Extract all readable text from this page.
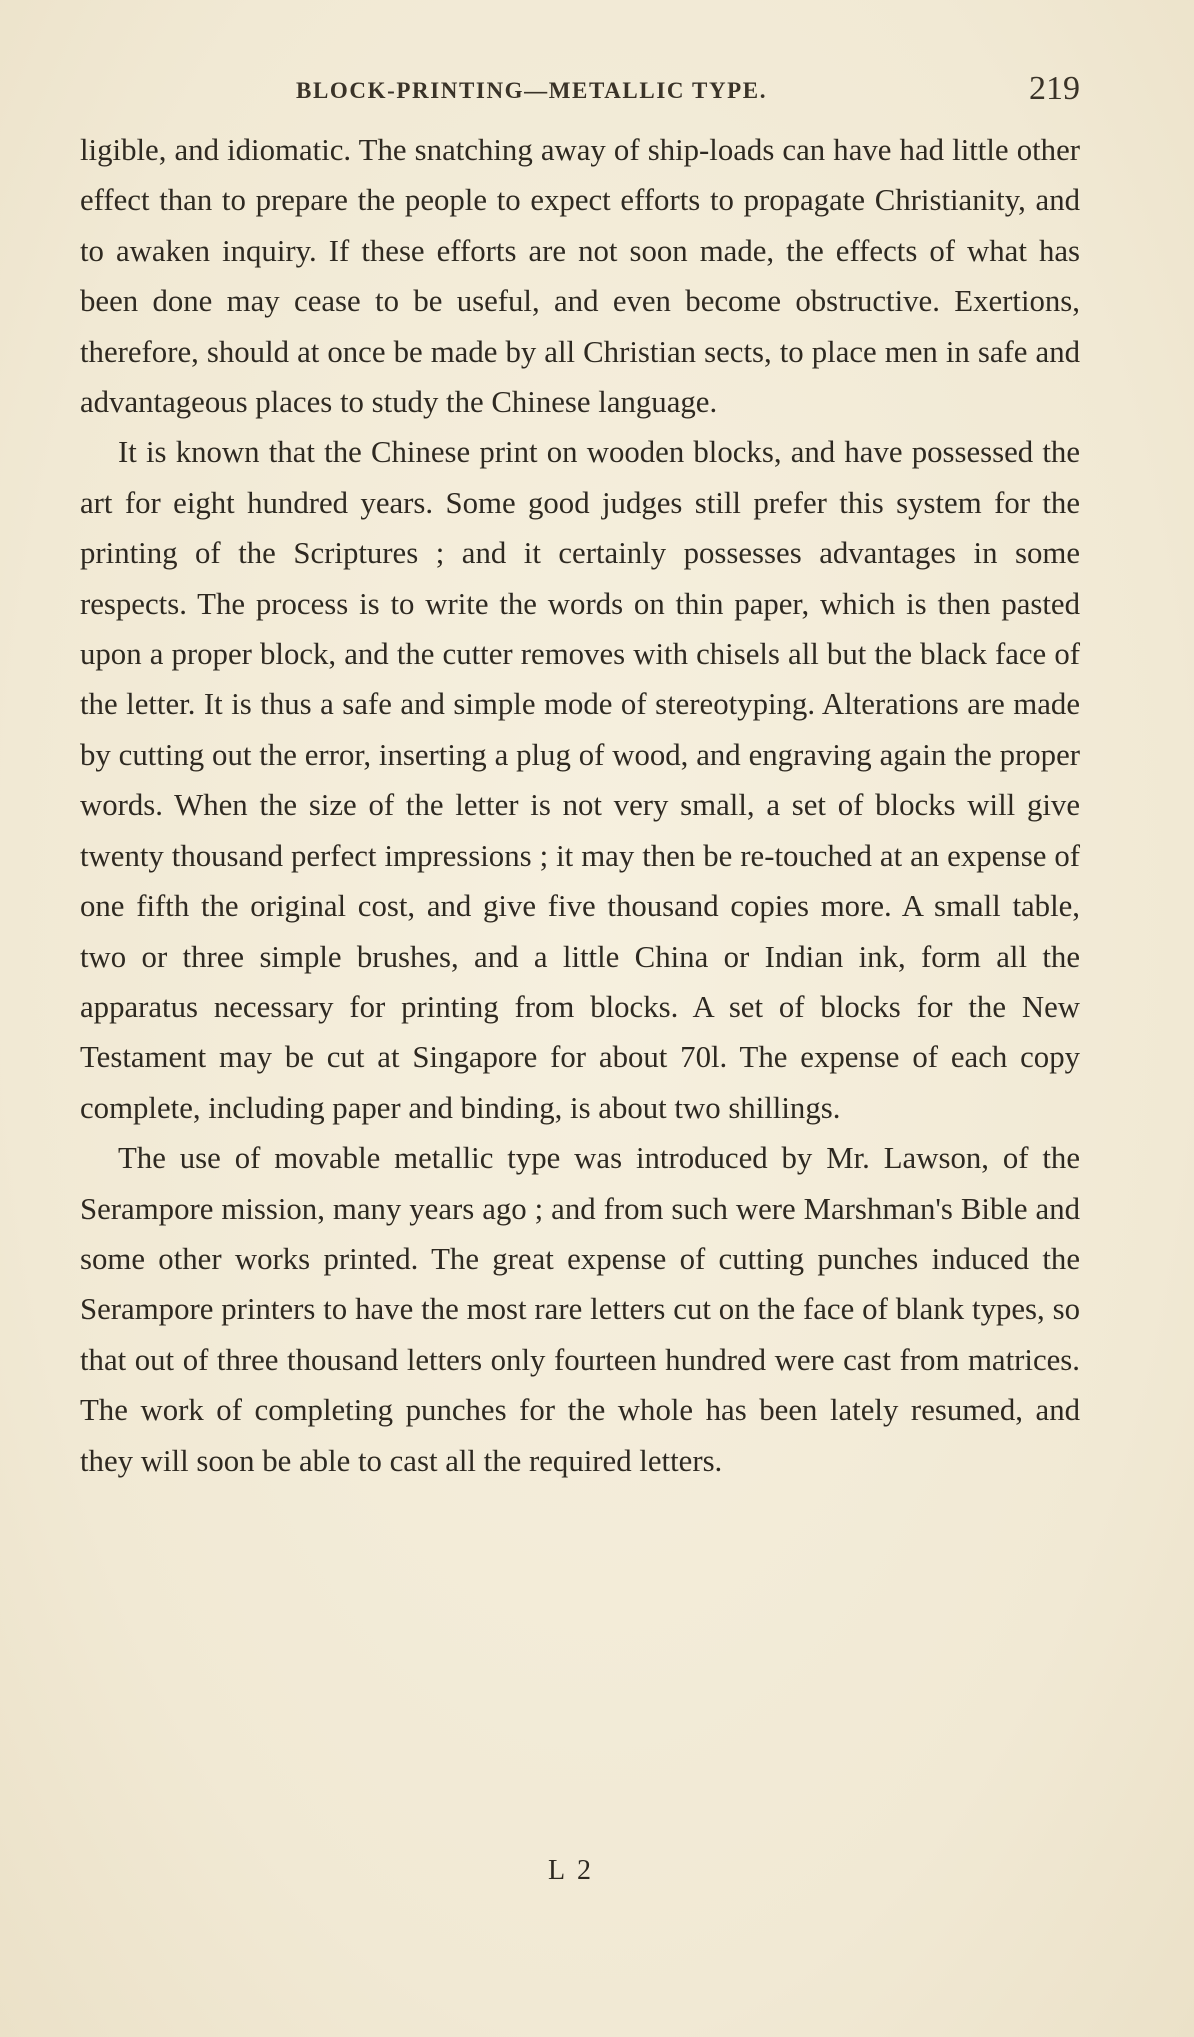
BLOCK-PRINTING—METALLIC TYPE.	219

ligible, and idiomatic. The snatching away of ship-loads can have had little other effect than to prepare the people to expect efforts to propagate Christianity, and to awaken inquiry. If these efforts are not soon made, the effects of what has been done may cease to be useful, and even become obstructive. Exertions, therefore, should at once be made by all Christian sects, to place men in safe and advantageous places to study the Chinese language.

It is known that the Chinese print on wooden blocks, and have possessed the art for eight hundred years. Some good judges still prefer this system for the printing of the Scriptures ; and it certainly possesses advantages in some respects. The process is to write the words on thin paper, which is then pasted upon a proper block, and the cutter removes with chisels all but the black face of the letter. It is thus a safe and simple mode of stereotyping. Alterations are made by cutting out the error, inserting a plug of wood, and engraving again the proper words. When the size of the letter is not very small, a set of blocks will give twenty thousand perfect impressions ; it may then be re-touched at an expense of one fifth the original cost, and give five thousand copies more. A small table, two or three simple brushes, and a little China or Indian ink, form all the apparatus necessary for printing from blocks. A set of blocks for the New Testament may be cut at Singapore for about 70l. The expense of each copy complete, including paper and binding, is about two shillings.

The use of movable metallic type was introduced by Mr. Lawson, of the Serampore mission, many years ago ; and from such were Marshman's Bible and some other works printed. The great expense of cutting punches induced the Serampore printers to have the most rare letters cut on the face of blank types, so that out of three thousand letters only fourteen hundred were cast from matrices. The work of completing punches for the whole has been lately resumed, and they will soon be able to cast all the required letters.

L 2
